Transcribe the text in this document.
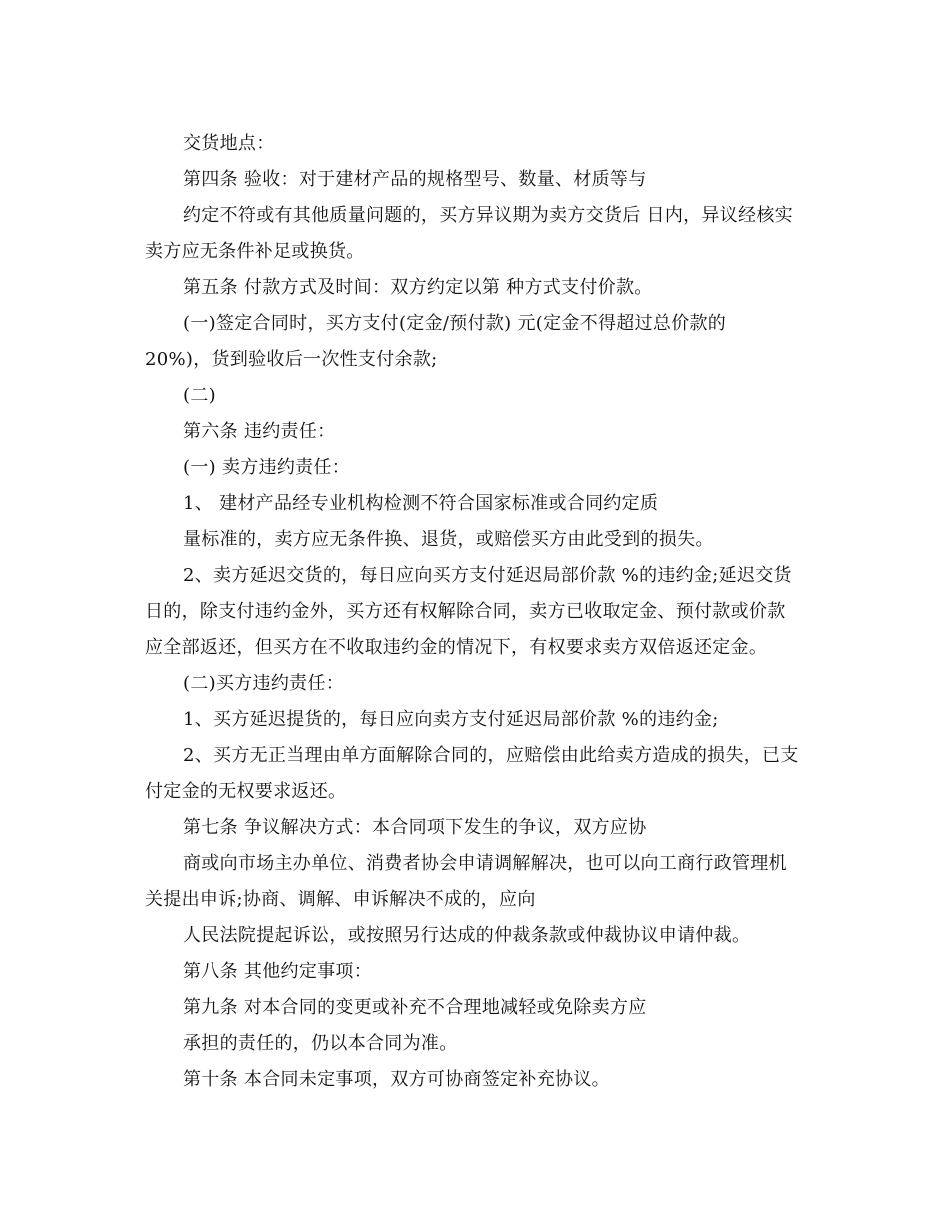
交货地点：
第四条 验收：对于建材产品的规格型号、数量、材质等与
约定不符或有其他质量问题的，买方异议期为卖方交货后 日内，异议经核实
卖方应无条件补足或换货。
第五条 付款方式及时间：双方约定以第 种方式支付价款。
(一)签定合同时，买方支付(定金/预付款) 元(定金不得超过总价款的
20%)，货到验收后一次性支付余款;
(二)
第六条 违约责任：
(一) 卖方违约责任：
1、 建材产品经专业机构检测不符合国家标准或合同约定质
量标准的，卖方应无条件换、退货，或赔偿买方由此受到的损失。
2、卖方延迟交货的，每日应向买方支付延迟局部价款 %的违约金;延迟交货
日的，除支付违约金外，买方还有权解除合同，卖方已收取定金、预付款或价款
应全部返还，但买方在不收取违约金的情况下，有权要求卖方双倍返还定金。
(二)买方违约责任：
1、买方延迟提货的，每日应向卖方支付延迟局部价款 %的违约金;
2、买方无正当理由单方面解除合同的，应赔偿由此给卖方造成的损失，已支
付定金的无权要求返还。
第七条 争议解决方式：本合同项下发生的争议，双方应协
商或向市场主办单位、消费者协会申请调解解决，也可以向工商行政管理机
关提出申诉;协商、调解、申诉解决不成的，应向
人民法院提起诉讼，或按照另行达成的仲裁条款或仲裁协议申请仲裁。
第八条 其他约定事项：
第九条 对本合同的变更或补充不合理地减轻或免除卖方应
承担的责任的，仍以本合同为准。
第十条 本合同未定事项，双方可协商签定补充协议。
